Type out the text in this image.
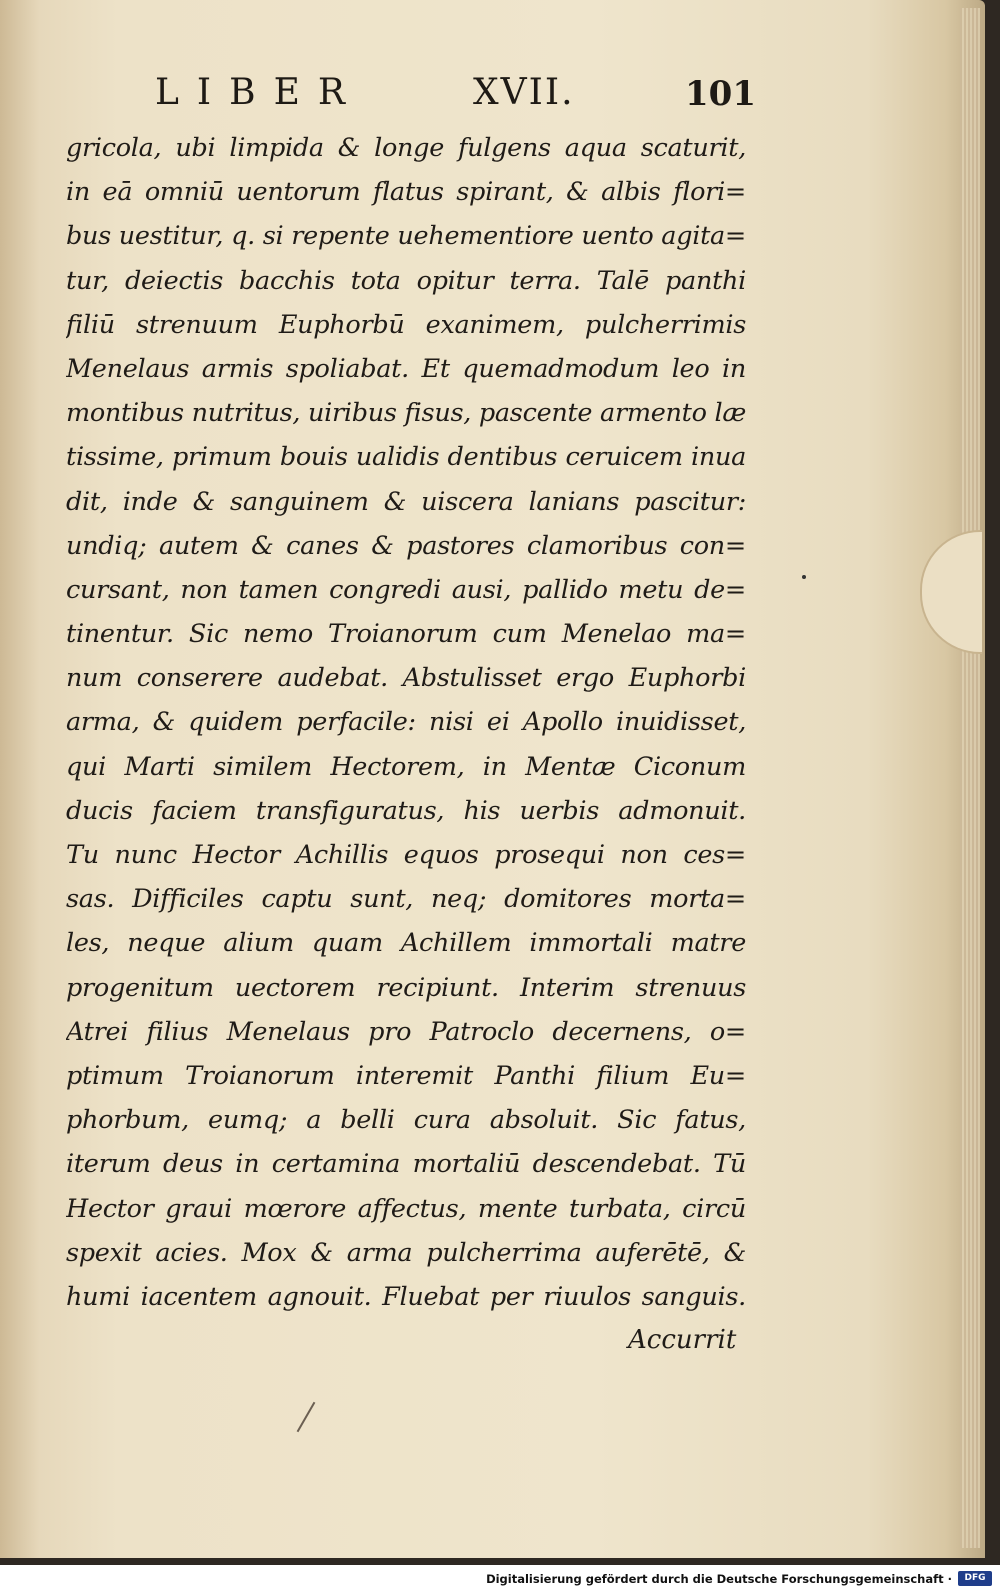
LIBER	XVII.	101
gricola, ubi limpida & longe fulgens aqua scaturit,
in eā omniū uentorum flatus spirant, & albis flori=
bus uestitur, q. si repente uehementiore uento agita=
tur, deiectis bacchis tota opitur terra. Talē panthi
filiū strenuum Euphorbū exanimem, pulcherrimis
Menelaus armis spoliabat. Et quemadmodum leo in
montibus nutritus, uiribus fisus, pascente armento læ
tissime, primum bouis ualidis dentibus ceruicem inua
dit, inde & sanguinem & uiscera lanians pascitur:
undiq; autem & canes & pastores clamoribus con=
cursant, non tamen congredi ausi, pallido metu de=
tinentur. Sic nemo Troianorum cum Menelao ma=
num conserere audebat. Abstulisset ergo Euphorbi
arma, & quidem perfacile: nisi ei Apollo inuidisset,
qui Marti similem Hectorem, in Mentæ Ciconum
ducis faciem transfiguratus, his uerbis admonuit.
Tu nunc Hector Achillis equos prosequi non ces=
sas. Difficiles captu sunt, neq; domitores morta=
les, neque alium quam Achillem immortali matre
progenitum uectorem recipiunt. Interim strenuus
Atrei filius Menelaus pro Patroclo decernens, o=
ptimum Troianorum interemit Panthi filium Eu=
phorbum, eumq; a belli cura absoluit. Sic fatus,
iterum deus in certamina mortaliū descendebat. Tū
Hector graui mœrore affectus, mente turbata, circū
spexit acies. Mox & arma pulcherrima auferētē, &
humi iacentem agnouit. Fluebat per riuulos sanguis.
Accurrit
Digitalisierung gefördert durch die Deutsche Forschungsgemeinschaft ·	DFG
